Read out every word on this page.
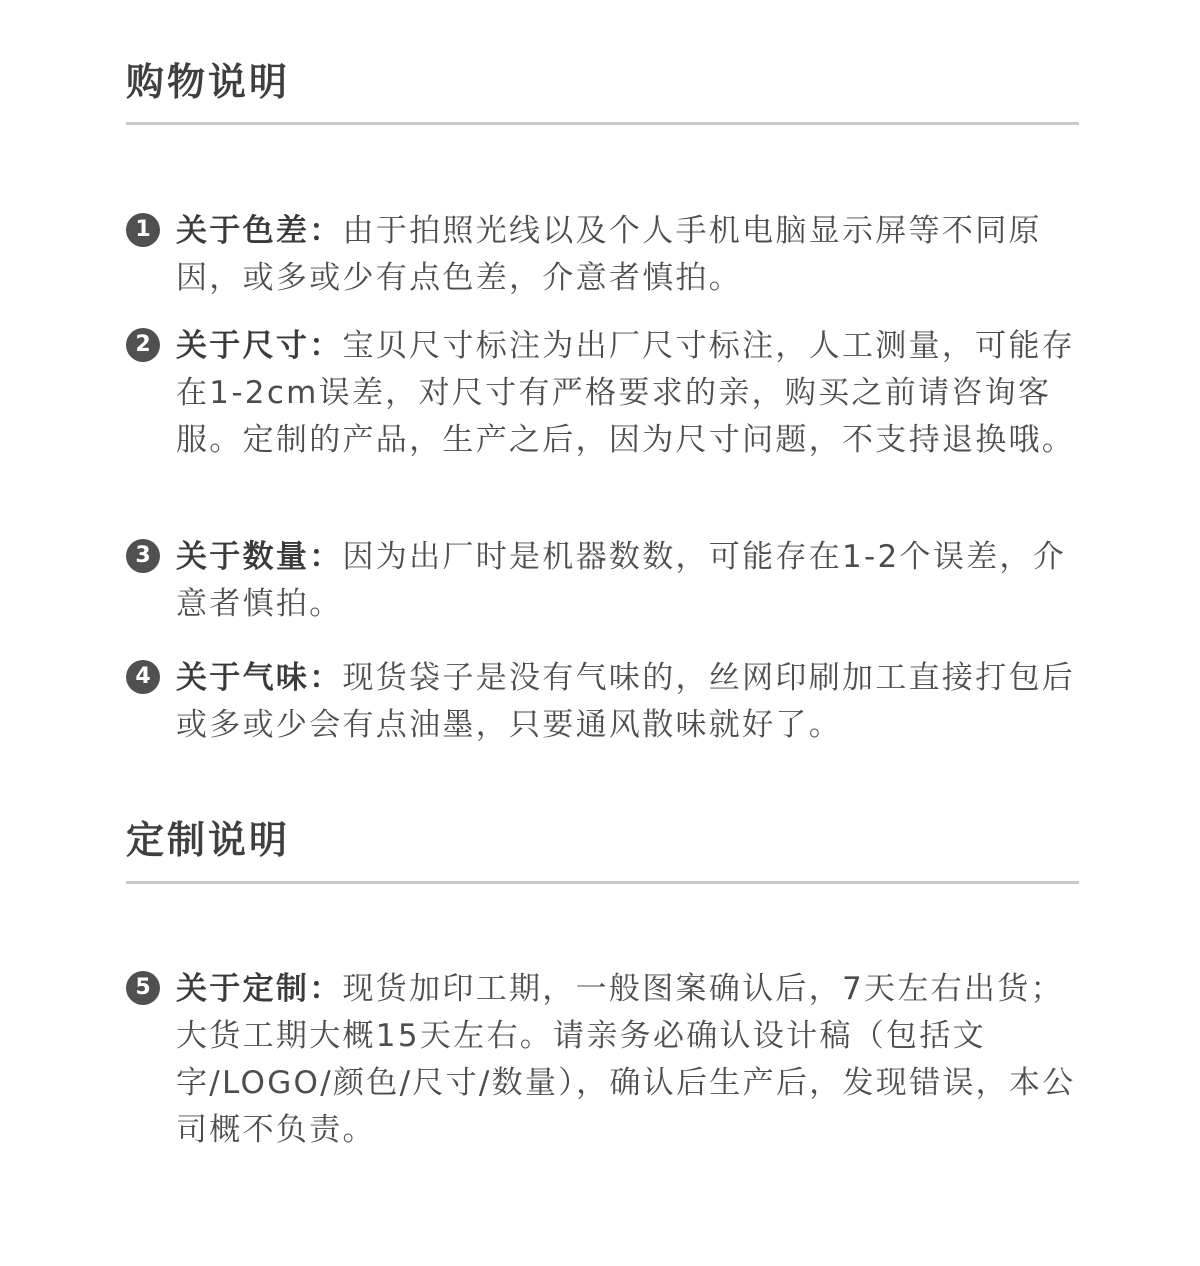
购物说明
1 关于色差：由于拍照光线以及个人手机电脑显示屏等不同原因，或多或少有点色差，介意者慎拍。

2 关于尺寸：宝贝尺寸标注为出厂尺寸标注，人工测量，可能存在1-2cm误差，对尺寸有严格要求的亲，购买之前请咨询客服。定制的产品，生产之后，因为尺寸问题，不支持退换哦。

3 关于数量：因为出厂时是机器数数，可能存在1-2个误差，介意者慎拍。

4 关于气味：现货袋子是没有气味的，丝网印刷加工直接打包后或多或少会有点油墨，只要通风散味就好了。

定制说明
5 关于定制：现货加印工期，一般图案确认后，7天左右出货；大货工期大概15天左右。请亲务必确认设计稿（包括文字/LOGO/颜色/尺寸/数量），确认后生产后，发现错误，本公司概不负责。
